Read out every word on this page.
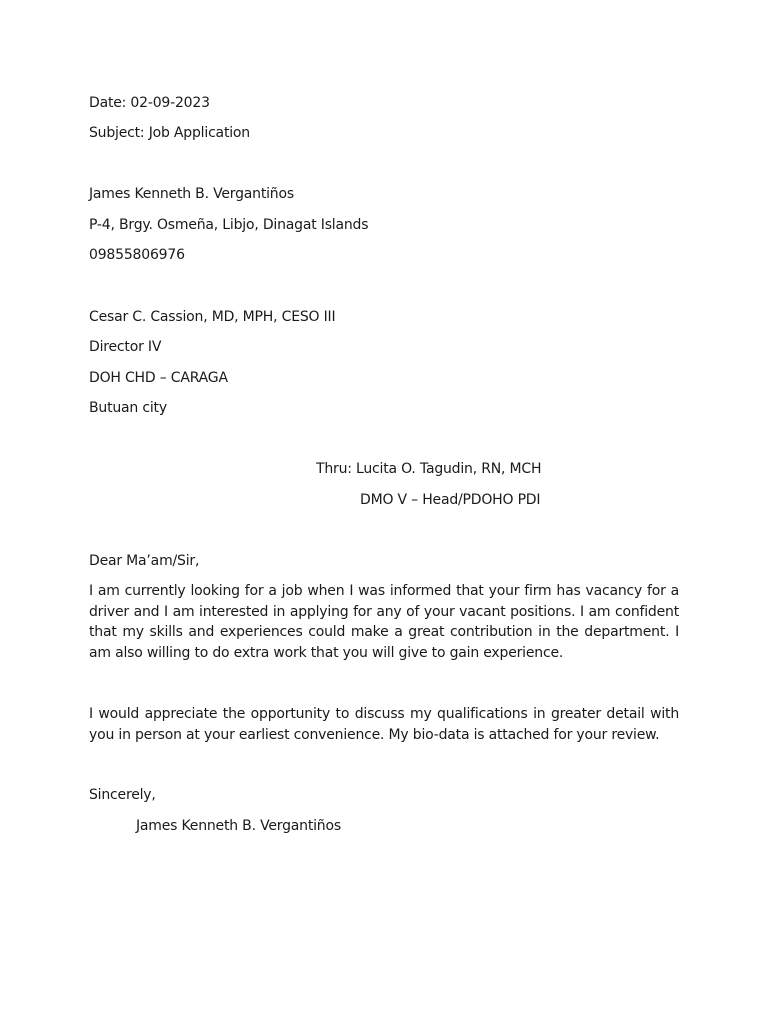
Date: 02-09-2023
Subject: Job Application
James Kenneth B. Vergantiños
P-4, Brgy. Osmeña, Libjo, Dinagat Islands
09855806976
Cesar C. Cassion, MD, MPH, CESO III
Director IV
DOH CHD – CARAGA
Butuan city
Thru: Lucita O. Tagudin, RN, MCH
DMO V – Head/PDOHO PDI
Dear Ma’am/Sir,
I am currently looking for a job when I was informed that your firm has vacancy for a driver and I am interested in applying for any of your vacant positions. I am confident that my skills and experiences could make a great contribution in the department. I am also willing to do extra work that you will give to gain experience.
I would appreciate the opportunity to discuss my qualifications in greater detail with you in person at your earliest convenience. My bio-data is attached for your review.
Sincerely,
James Kenneth B. Vergantiños
